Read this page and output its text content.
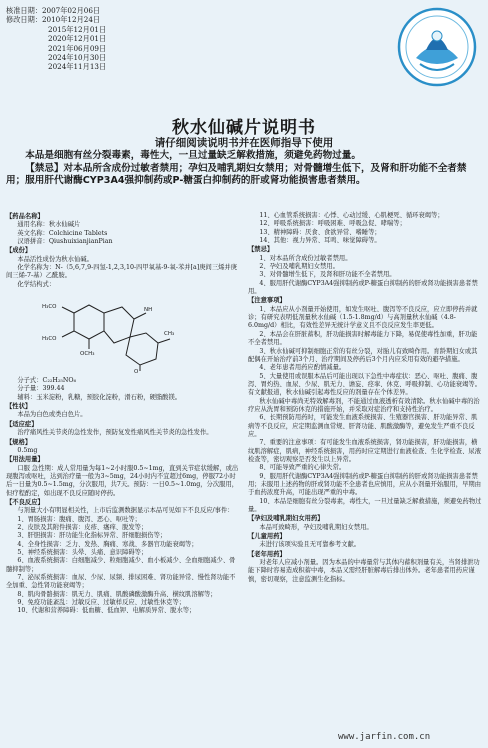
核准日期：2007年02月06日
修改日期：2010年12月24日
2015年12月01日
2020年12月01日
2021年06月09日
2024年10月30日
2024年11月13日
秋水仙碱片说明书
请仔细阅读说明书并在医师指导下使用

本品是细胞有丝分裂毒素，毒性大，一旦过量缺乏解救措施，须避免药物过量。

【禁忌】对本品所含成份过敏者禁用；孕妇及哺乳期妇女禁用；对骨髓增生低下，及肾和肝功能不全者禁用；服用肝代谢酶CYP3A4强抑制药或P-糖蛋白抑制药的肝或肾功能损害患者禁用。

【药品名称】

通用名称：秋水仙碱片

英文名称：Colchicine Tablets

汉语拼音：QiushuixianjianPian

【成份】

本品活性成份为秋水仙碱。

化学名称为：N-（5,6,7,9-四氢-1,2,3,10-四甲氧基-9-氧-苯并[a]庚间三烯并庚间三烯-7-基）乙酰胺。

化学结构式：

H₃CO
H₃CO
OCH₃
NH
CH₃
O

分子式：C₂₂H₂₅NO₆

分子量：399.44

辅料：玉米淀粉，乳糖，预胶化淀粉，滑石粉，硬脂酸镁。

【性状】

本品为白色或类白色片。

【适应症】

治疗痛风性关节炎的急性发作，预防复发性痛风性关节炎的急性发作。

【规格】

0.5mg

【用法用量】

口服 急性期：成人常用量为每1~2小时服0.5~1mg，直到关节症状缓解，或出现腹泻或呕吐，达到治疗量一般为3~5mg，24小时内不宜超过6mg，停服72小时后一日量为0.5~1.5mg，分次服用，共7天。预防：一日0.5~1.0mg，分次服用，但疗程酌定，如出现不良反应随时停药。

【不良反应】

与剂量大小有明显相关性，上市后监测数据显示本品可见如下不良反应/事件：

1、胃肠损害：腹痛、腹泻、恶心、呕吐等；

2、皮肤及其附件损害：皮疹、瘙痒、脱发等；

3、肝胆损害：肝功能生化指标异常、肝细胞损伤等；

4、全身性损害：乏力、发热、胸痛、寒战、多器官功能衰竭等；

5、神经系统损害：头晕、头痛、意识障碍等；

6、血液系统损害：白细胞减少、粒细胞减少、血小板减少、全血细胞减少、骨髓抑制等；

7、泌尿系统损害：血尿、少尿、尿频、排尿困难、肾功能异常、慢性肾功能不全加重、急性肾功能衰竭等；

8、肌肉骨骼损害：肌无力、肌痛、肌酸磷酸激酶升高、横纹肌溶解等；

9、免疫功能紊乱：过敏反应、过敏样反应、过敏性休克等；

10、代谢和营养障碍：低血糖、低血钾、电解质异常、脱水等；

11、心血管系统损害：心悸、心动过缓、心肌梗死、循环衰竭等；

12、呼吸系统损害：呼吸困难、呼吸急促、哮喘等；

13、精神障碍：厌食、食欲异常、嗜睡等；

14、其他：视力异常、耳鸣、味觉障碍等。

【禁忌】

1、对本品所含成份过敏者禁用。

2、孕妇及哺乳期妇女禁用。

3、对骨髓增生低下，及肾和肝功能不全者禁用。

4、服用肝代谢酶CYP3A4强抑制药或P-糖蛋白抑制药的肝或肾功能损害患者禁用。

【注意事项】

1、本品应从小剂量开始使用，如发生呕吐、腹泻等不良反应，应立即停药并就诊；有研究表明低剂量秋水仙碱（1.5-1.8mg/d）与高剂量秋水仙碱（4.8-6.0mg/d）相比，有效性差异无统计学意义且不良反应发生率更低。

2、本品会在肝脏蓄积，肝功能损害时解毒能力下降，易促使毒性加重，肝功能不全者禁用。

3、秋水仙碱可抑制细胞正常的有丝分裂，对胎儿有致畸作用。育龄期妇女或其配偶在开始治疗前3个月、治疗期间及停药后3个月内应采用有效的避孕措施。

4、老年患者用药应酌情减量。

5、大量使用或误服本品后可能出现以下急性中毒症状：恶心、呕吐、腹痛、腹泻、胃灼热、血尿、少尿、肌无力、谵妄、痉挛、休克、呼吸抑制、心功能衰竭等。有文献报道，秋水仙碱引起毒性反应的剂量存在个体差异。

秋水仙碱中毒尚无特效解毒剂，不能通过血液透析有效清除。秋水仙碱中毒的治疗应从洗胃和预防休克的措施开始，并采取对症治疗和支持性治疗。

6、长期预防用药时，可能发生血液系统损害、生殖器官损害、肝功能异常、肌病等不良反应，应定期监测血常规、肝肾功能、肌酸激酶等，避免发生严重不良反应。

7、重要的注意事项：有可能发生血液系统损害，肾功能损害，肝功能损害，横纹肌溶解症，肌病，神经系统损害，用药时应定期进行血液检查、生化学检查、尿液检查等，密切观察是否发生以上异常。

8、可能导致严重的心律失常。

9、服用肝代谢酶CYP3A4强抑制药或P-糖蛋白抑制药的肝或肾功能损害患者禁用；未服用上述药物的肝或肾功能不全患者也应慎用，应从小剂量开始服用，早期由于血药浓度升高，可能出现严重的中毒。

10、本品是细胞有丝分裂毒素，毒性大，一旦过量缺乏解救措施，须避免药物过量。

【孕妇及哺乳期妇女用药】

本品可致畸形，孕妇及哺乳期妇女禁用。

【儿童用药】

未进行该项实验且无可靠参考文献。

【老年用药】

对老年人应减小剂量。因为本品的中毒量常与其体内蓄积剂量有关，当肾排泄功能下降时容易造成积蓄中毒，本品又需经肝脏解毒后排出体外。老年患者用药应谨慎，密切观察，注意监测生化指标。

www.jarfin.com.cn
